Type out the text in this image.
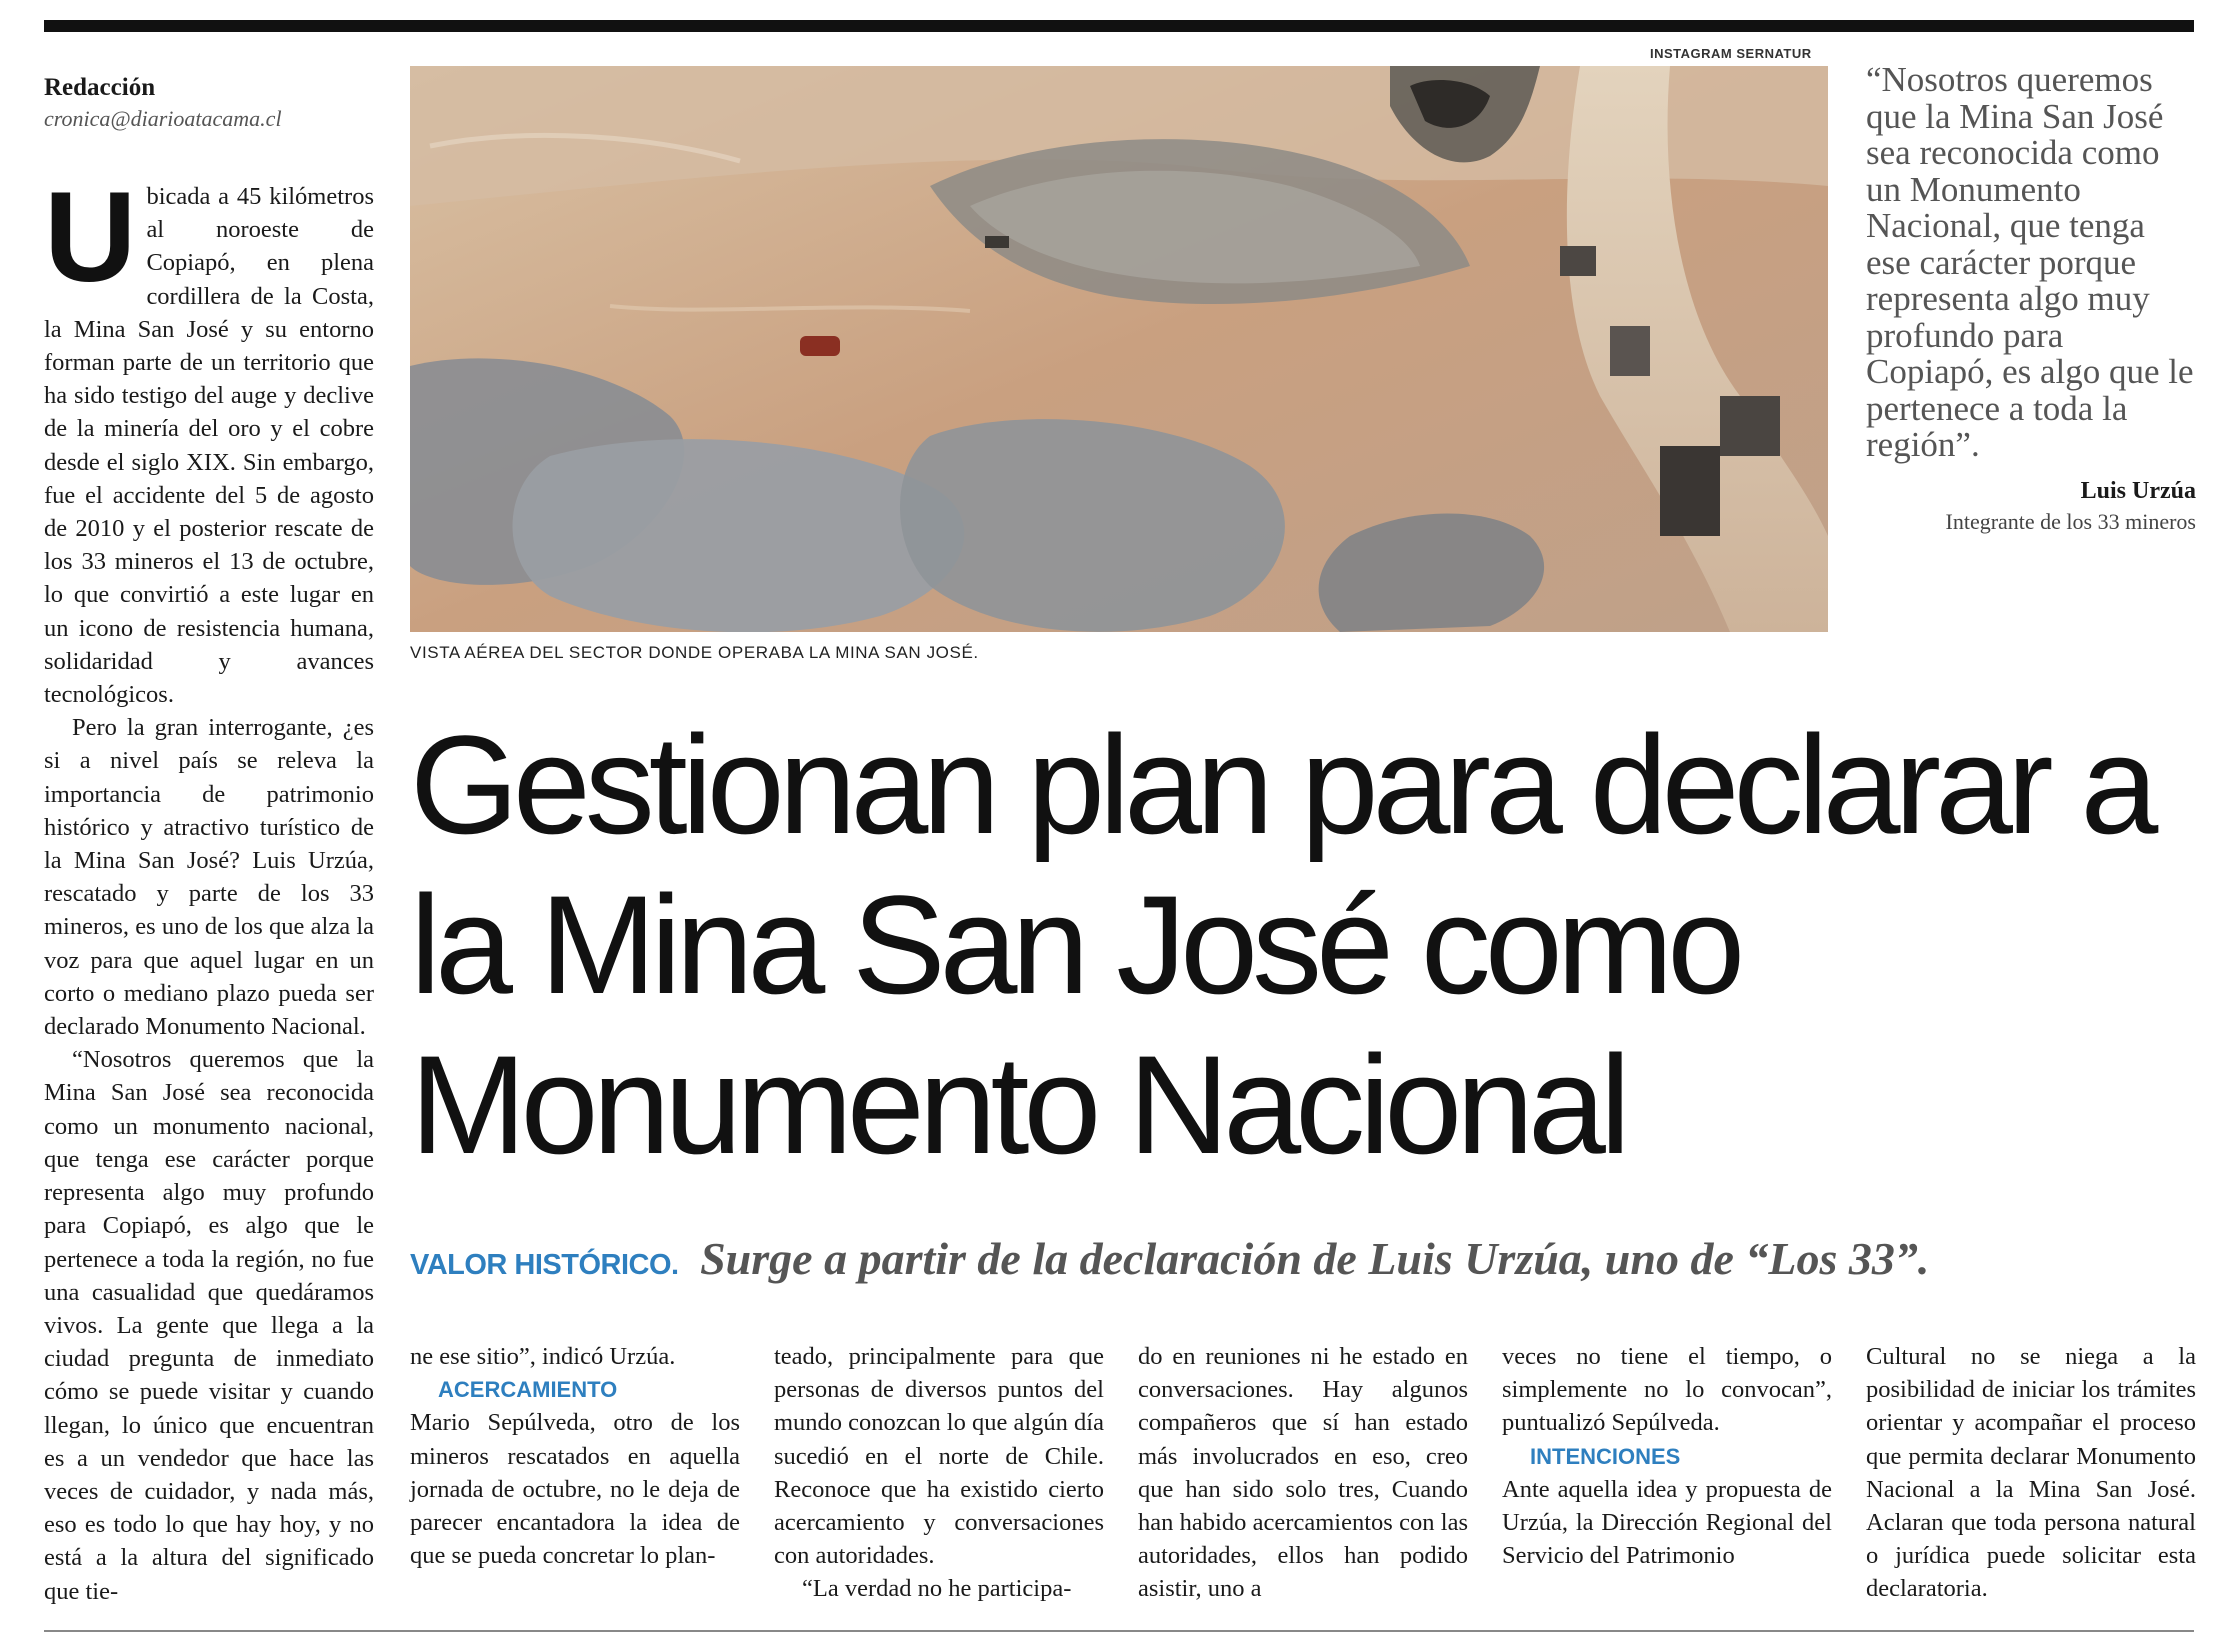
Redacción

cronica@diarioatacama.cl

U bicada a 45 kilómetros al noroeste de Copiapó, en plena cordillera de la Costa, la Mina San José y su entorno forman parte de un territorio que ha sido testigo del auge y declive de la minería del oro y el cobre desde el siglo XIX. Sin embargo, fue el accidente del 5 de agosto de 2010 y el posterior rescate de los 33 mineros el 13 de octubre, lo que convirtió a este lugar en un icono de resistencia humana, solidaridad y avances tecnológicos.

Pero la gran interrogante, ¿es si a nivel país se releva la importancia de patrimonio histórico y atractivo turístico de la Mina San José? Luis Urzúa, rescatado y parte de los 33 mineros, es uno de los que alza la voz para que aquel lugar en un corto o mediano plazo pueda ser declarado Monumento Nacional.

“Nosotros queremos que la Mina San José sea reconocida como un monumento nacional, que tenga ese carácter porque representa algo muy profundo para Copiapó, es algo que le pertenece a toda la región, no fue una casualidad que quedáramos vivos. La gente que llega a la ciudad pregunta de inmediato cómo se puede visitar y cuando llegan, lo único que encuentran es a un vendedor que hace las veces de cuidador, y nada más, eso es todo lo que hay hoy, y no está a la altura del significado que tie-

INSTAGRAM SERNATUR
VISTA AÉREA DEL SECTOR DONDE OPERABA LA MINA SAN JOSÉ.

“Nosotros queremos que la Mina San José sea reconocida como un Monumento Nacional, que tenga ese carácter porque representa algo muy profundo para Copiapó, es algo que le pertenece a toda la región”.

Luis Urzúa

Integrante de los 33 mineros

Gestionan plan para declarar a la Mina San José como Monumento Nacional
VALOR HISTÓRICO. Surge a partir de la declaración de Luis Urzúa, uno de “Los 33”.

ne ese sitio”, indicó Urzúa.

ACERCAMIENTO

Mario Sepúlveda, otro de los mineros rescatados en aquella jornada de octubre, no le deja de parecer encantadora la idea de que se pueda concretar lo plan-

teado, principalmente para que personas de diversos puntos del mundo conozcan lo que algún día sucedió en el norte de Chile. Reconoce que ha existido cierto acercamiento y conversaciones con autoridades.

“La verdad no he participa-

do en reuniones ni he estado en conversaciones. Hay algunos compañeros que sí han estado más involucrados en eso, creo que han sido solo tres, Cuando han habido acercamientos con las autoridades, ellos han podido asistir, uno a

veces no tiene el tiempo, o simplemente no lo convocan”, puntualizó Sepúlveda.

INTENCIONES

Ante aquella idea y propuesta de Urzúa, la Dirección Regional del Servicio del Patrimonio

Cultural no se niega a la posibilidad de iniciar los trámites orientar y acompañar el proceso que permita declarar Monumento Nacional a la Mina San José. Aclaran que toda persona natural o jurídica puede solicitar esta declaratoria.
